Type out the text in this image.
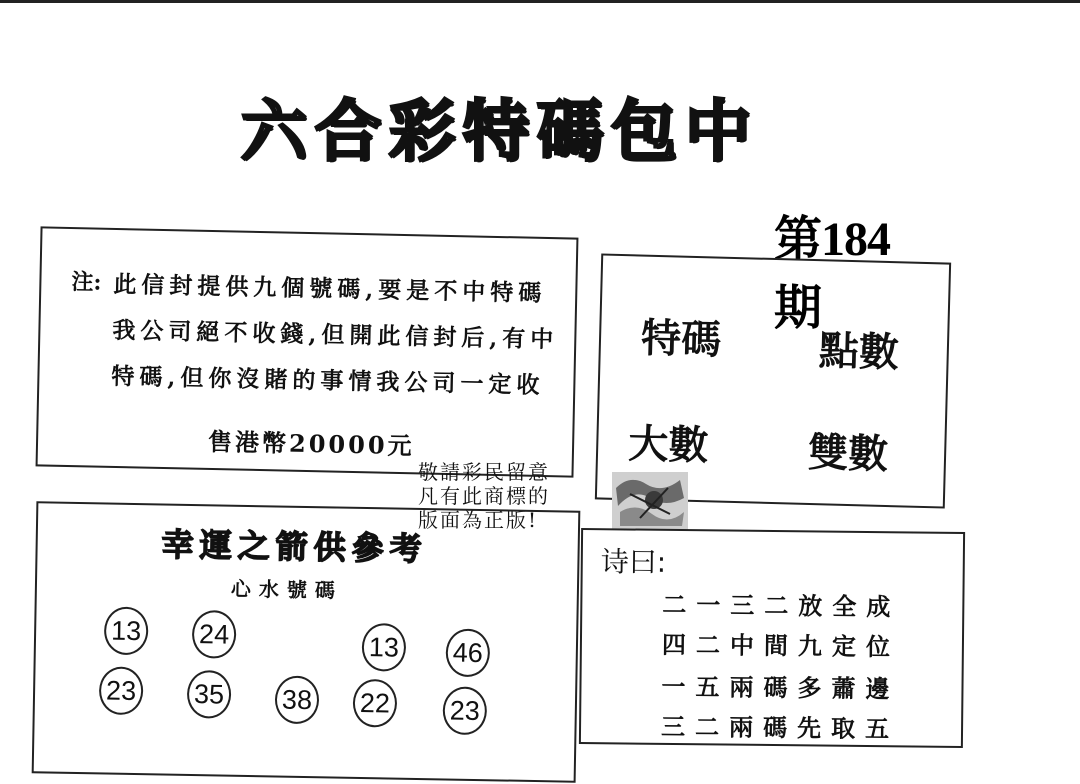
六合彩特碼包中
第184期
注: 此信封提供九個號碼,要是不中特碼
我公司絕不收錢,但開此信封后,有中
特碼,但你沒賭的事情我公司一定收
售港幣20000元
特碼 點數
大數 雙數
敬請彩民留意
凡有此商標的
版面為正版!
幸運之箭供參考
心水號碼
13 24	13 46
23 35 38 22 23
诗曰:
二一三二放全成
四二中間九定位
一五兩碼多蕭邊
三二兩碼先取五
